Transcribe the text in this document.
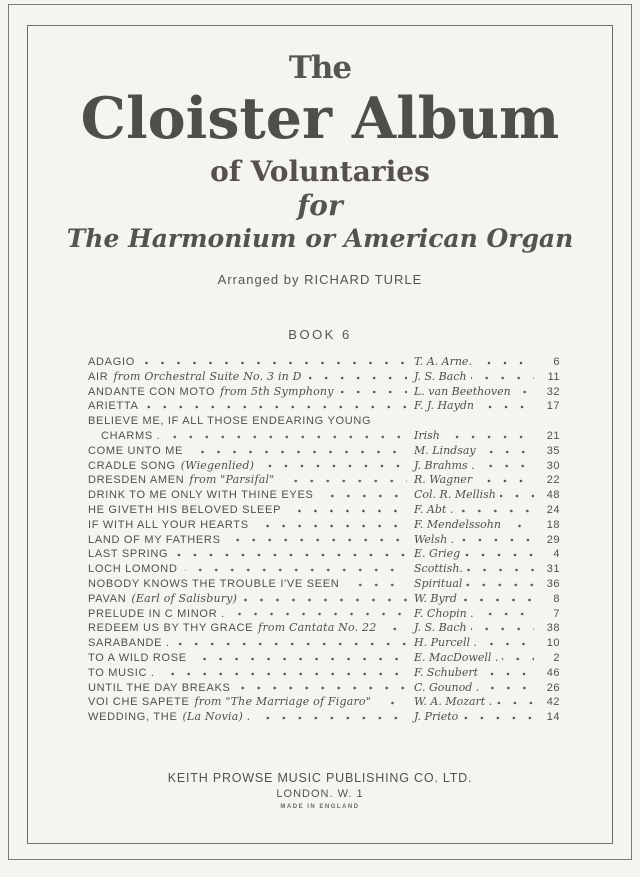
The
Cloister Album
of Voluntaries
for
The Harmonium or American Organ
Arranged by RICHARD TURLE
BOOK 6
ADAGIO	T. A. Arne.	6
AIR from Orchestral Suite No. 3 in D	J. S. Bach	11
ANDANTE CON MOTO from 5th Symphony	L. van Beethoven	32
ARIETTA	F. J. Haydn	17
BELIEVE ME, IF ALL THOSE ENDEARING YOUNG
CHARMS .	Irish	21
COME UNTO ME	M. Lindsay	35
CRADLE SONG (Wiegenlied)	J. Brahms .	30
DRESDEN AMEN from "Parsifal"	R. Wagner	22
DRINK TO ME ONLY WITH THINE EYES	Col. R. Mellish	48
HE GIVETH HIS BELOVED SLEEP	F. Abt .	24
IF WITH ALL YOUR HEARTS	F. Mendelssohn	18
LAND OF MY FATHERS	Welsh .	29
LAST SPRING	E. Grieg	4
LOCH LOMOND	Scottish.	31
NOBODY KNOWS THE TROUBLE I'VE SEEN	Spiritual	36
PAVAN (Earl of Salisbury)	W. Byrd	8
PRELUDE IN C MINOR .	F. Chopin .	7
REDEEM US BY THY GRACE from Cantata No. 22	J. S. Bach	38
SARABANDE .	H. Purcell .	10
TO A WILD ROSE	E. MacDowell .	2
TO MUSIC .	F. Schubert	46
UNTIL THE DAY BREAKS	C. Gounod .	26
VOI CHE SAPETE from "The Marriage of Figaro"	W. A. Mozart .	42
WEDDING, THE (La Novia) .	J. Prieto	14
KEITH PROWSE MUSIC PUBLISHING CO. LTD.
LONDON. W. 1
MADE IN ENGLAND
